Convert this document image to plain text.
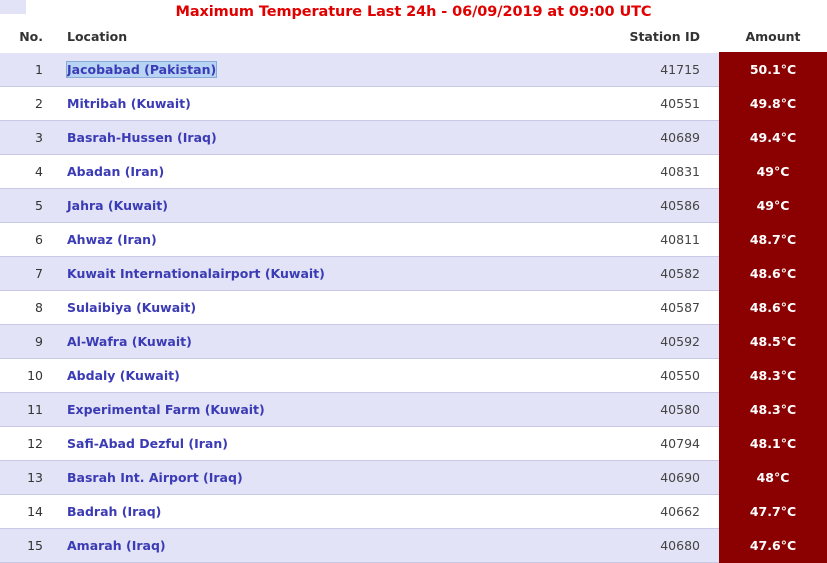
Maximum Temperature Last 24h - 06/09/2019 at 09:00 UTC
No.	Location	Station ID	Amount
1	Jacobabad (Pakistan)	41715	50.1°C
2	Mitribah (Kuwait)	40551	49.8°C
3	Basrah-Hussen (Iraq)	40689	49.4°C
4	Abadan (Iran)	40831	49°C
5	Jahra (Kuwait)	40586	49°C
6	Ahwaz (Iran)	40811	48.7°C
7	Kuwait Internationalairport (Kuwait)	40582	48.6°C
8	Sulaibiya (Kuwait)	40587	48.6°C
9	Al-Wafra (Kuwait)	40592	48.5°C
10	Abdaly (Kuwait)	40550	48.3°C
11	Experimental Farm (Kuwait)	40580	48.3°C
12	Safi-Abad Dezful (Iran)	40794	48.1°C
13	Basrah Int. Airport (Iraq)	40690	48°C
14	Badrah (Iraq)	40662	47.7°C
15	Amarah (Iraq)	40680	47.6°C
